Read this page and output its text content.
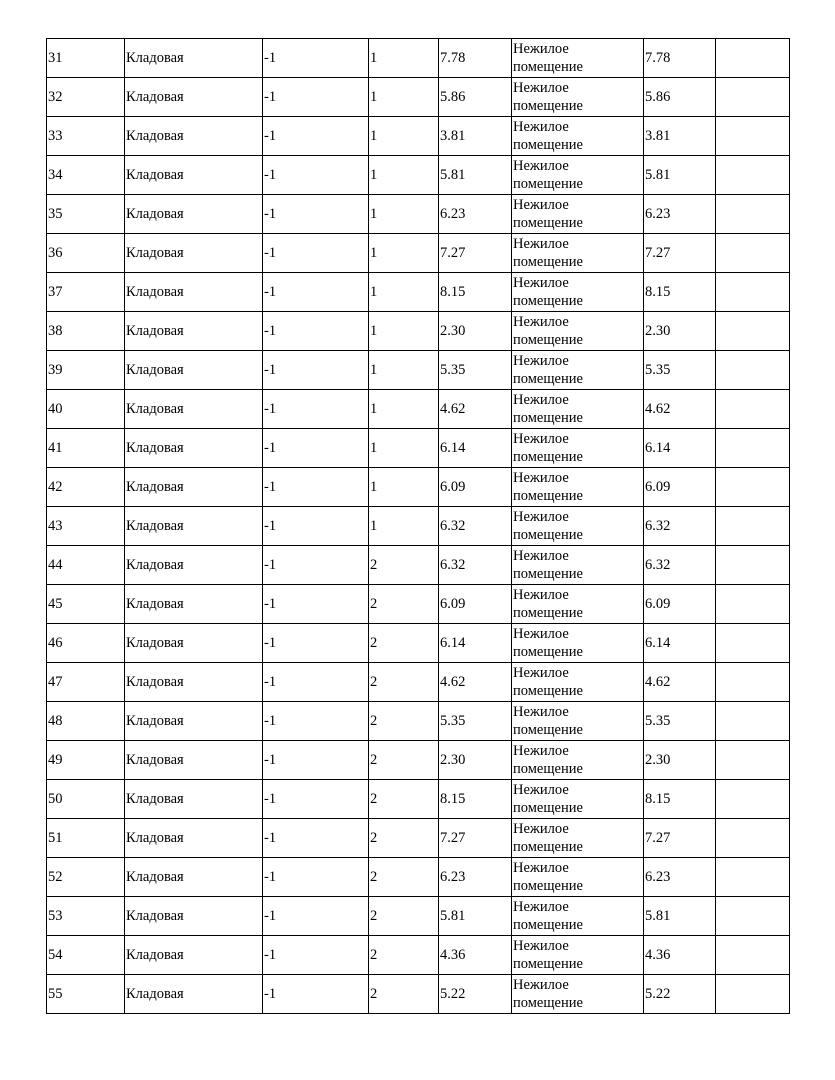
31	Кладовая	-1	1	7.78	Нежилое помещение	7.78	
32	Кладовая	-1	1	5.86	Нежилое помещение	5.86	
33	Кладовая	-1	1	3.81	Нежилое помещение	3.81	
34	Кладовая	-1	1	5.81	Нежилое помещение	5.81	
35	Кладовая	-1	1	6.23	Нежилое помещение	6.23	
36	Кладовая	-1	1	7.27	Нежилое помещение	7.27	
37	Кладовая	-1	1	8.15	Нежилое помещение	8.15	
38	Кладовая	-1	1	2.30	Нежилое помещение	2.30	
39	Кладовая	-1	1	5.35	Нежилое помещение	5.35	
40	Кладовая	-1	1	4.62	Нежилое помещение	4.62	
41	Кладовая	-1	1	6.14	Нежилое помещение	6.14	
42	Кладовая	-1	1	6.09	Нежилое помещение	6.09	
43	Кладовая	-1	1	6.32	Нежилое помещение	6.32	
44	Кладовая	-1	2	6.32	Нежилое помещение	6.32	
45	Кладовая	-1	2	6.09	Нежилое помещение	6.09	
46	Кладовая	-1	2	6.14	Нежилое помещение	6.14	
47	Кладовая	-1	2	4.62	Нежилое помещение	4.62	
48	Кладовая	-1	2	5.35	Нежилое помещение	5.35	
49	Кладовая	-1	2	2.30	Нежилое помещение	2.30	
50	Кладовая	-1	2	8.15	Нежилое помещение	8.15	
51	Кладовая	-1	2	7.27	Нежилое помещение	7.27	
52	Кладовая	-1	2	6.23	Нежилое помещение	6.23	
53	Кладовая	-1	2	5.81	Нежилое помещение	5.81	
54	Кладовая	-1	2	4.36	Нежилое помещение	4.36	
55	Кладовая	-1	2	5.22	Нежилое помещение	5.22	
